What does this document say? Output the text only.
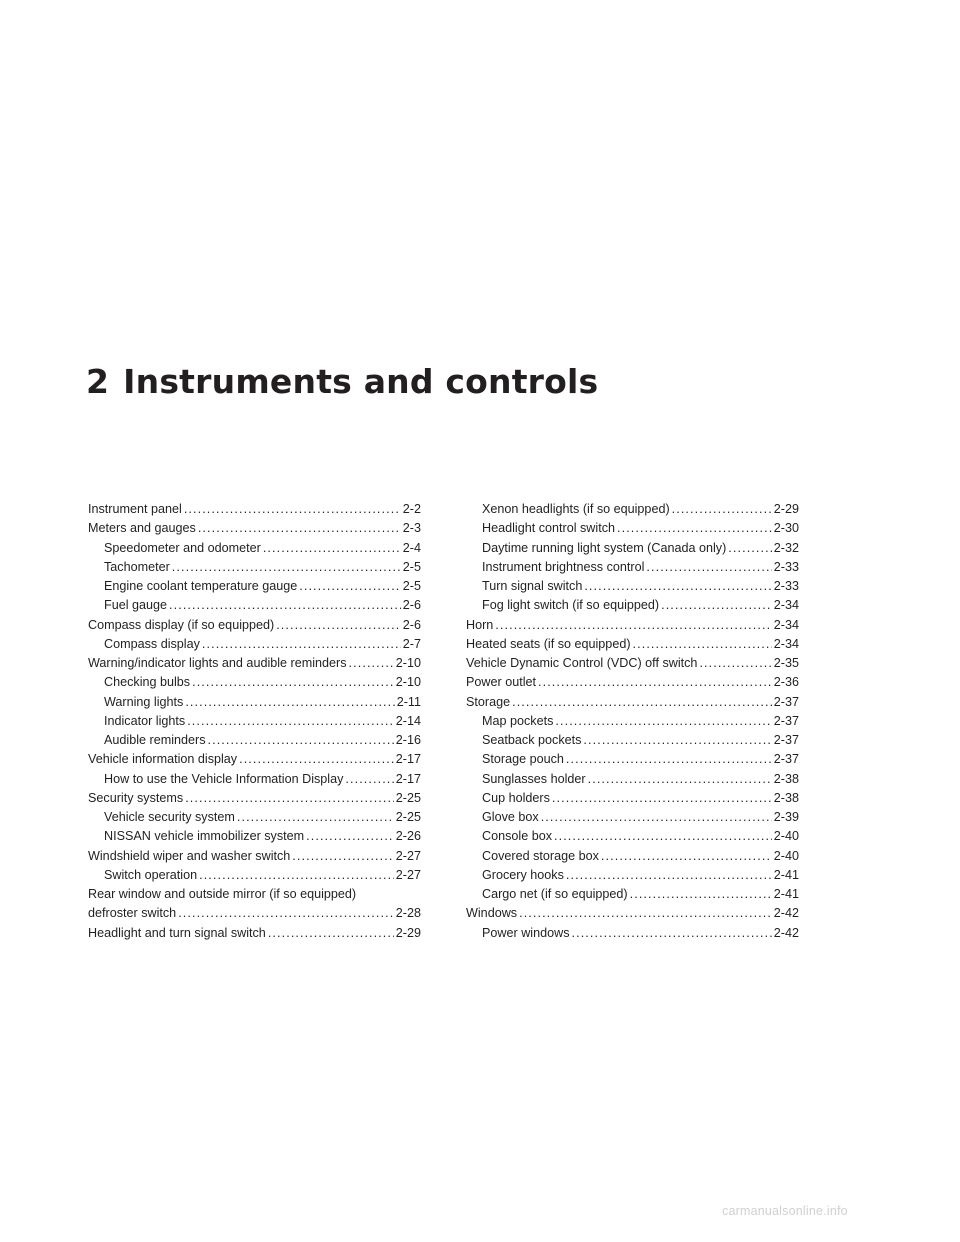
2 Instruments and controls
Instrument panel . . .	2-2
Meters and gauges . . .	2-3
Speedometer and odometer . . .	2-4
Tachometer . . .	2-5
Engine coolant temperature gauge . . .	2-5
Fuel gauge . . .	2-6
Compass display (if so equipped) . . .	2-6
Compass display . . .	2-7
Warning/indicator lights and audible reminders . . .	2-10
Checking bulbs . . .	2-10
Warning lights . . .	2-11
Indicator lights . . .	2-14
Audible reminders . . .	2-16
Vehicle information display . . .	2-17
How to use the Vehicle Information Display . . .	2-17
Security systems . . .	2-25
Vehicle security system . . .	2-25
NISSAN vehicle immobilizer system . . .	2-26
Windshield wiper and washer switch . . .	2-27
Switch operation . . .	2-27
Rear window and outside mirror (if so equipped)
defroster switch . . .	2-28
Headlight and turn signal switch . . .	2-29
Xenon headlights (if so equipped) . . .	2-29
Headlight control switch . . .	2-30
Daytime running light system (Canada only) . . .	2-32
Instrument brightness control . . .	2-33
Turn signal switch . . .	2-33
Fog light switch (if so equipped) . . .	2-34
Horn . . .	2-34
Heated seats (if so equipped) . . .	2-34
Vehicle Dynamic Control (VDC) off switch . . .	2-35
Power outlet . . .	2-36
Storage . . .	2-37
Map pockets . . .	2-37
Seatback pockets . . .	2-37
Storage pouch . . .	2-37
Sunglasses holder . . .	2-38
Cup holders . . .	2-38
Glove box . . .	2-39
Console box . . .	2-40
Covered storage box . . .	2-40
Grocery hooks . . .	2-41
Cargo net (if so equipped) . . .	2-41
Windows . . .	2-42
Power windows . . .	2-42
carmanualsonline.info
